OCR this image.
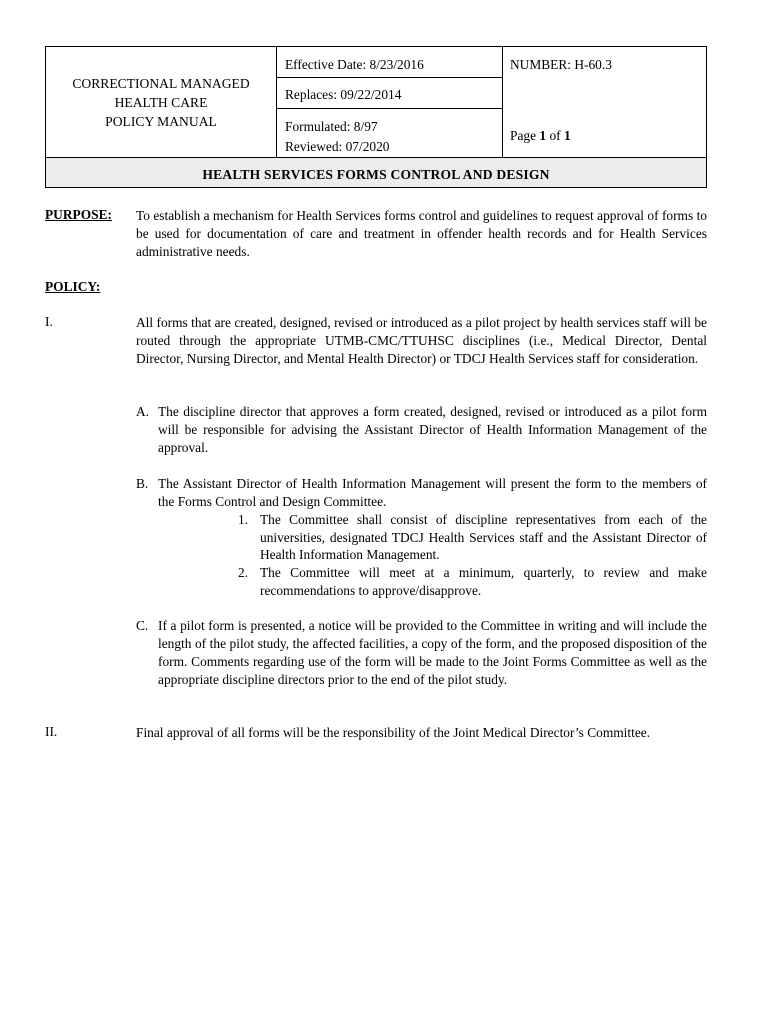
CORRECTIONAL MANAGED
HEALTH CARE
POLICY MANUAL
Effective Date: 8/23/2016
Replaces: 09/22/2014
Formulated: 8/97
Reviewed: 07/2020
NUMBER: H-60.3
Page 1 of 1
HEALTH SERVICES FORMS CONTROL AND DESIGN
PURPOSE: To establish a mechanism for Health Services forms control and guidelines to request approval of forms to be used for documentation of care and treatment in offender health records and for Health Services administrative needs.
POLICY:
I.	All forms that are created, designed, revised or introduced as a pilot project by health services staff will be routed through the appropriate UTMB-CMC/TTUHSC disciplines (i.e., Medical Director, Dental Director, Nursing Director, and Mental Health Director) or TDCJ Health Services staff for consideration.
A. The discipline director that approves a form created, designed, revised or introduced as a pilot form will be responsible for advising the Assistant Director of Health Information Management of the approval.
B. The Assistant Director of Health Information Management will present the form to the members of the Forms Control and Design Committee.
1. The Committee shall consist of discipline representatives from each of the universities, designated TDCJ Health Services staff and the Assistant Director of Health Information Management.
2. The Committee will meet at a minimum, quarterly, to review and make recommendations to approve/disapprove.
C. If a pilot form is presented, a notice will be provided to the Committee in writing and will include the length of the pilot study, the affected facilities, a copy of the form, and the proposed disposition of the form. Comments regarding use of the form will be made to the Joint Forms Committee as well as the appropriate discipline directors prior to the end of the pilot study.
II.	Final approval of all forms will be the responsibility of the Joint Medical Director’s Committee.
